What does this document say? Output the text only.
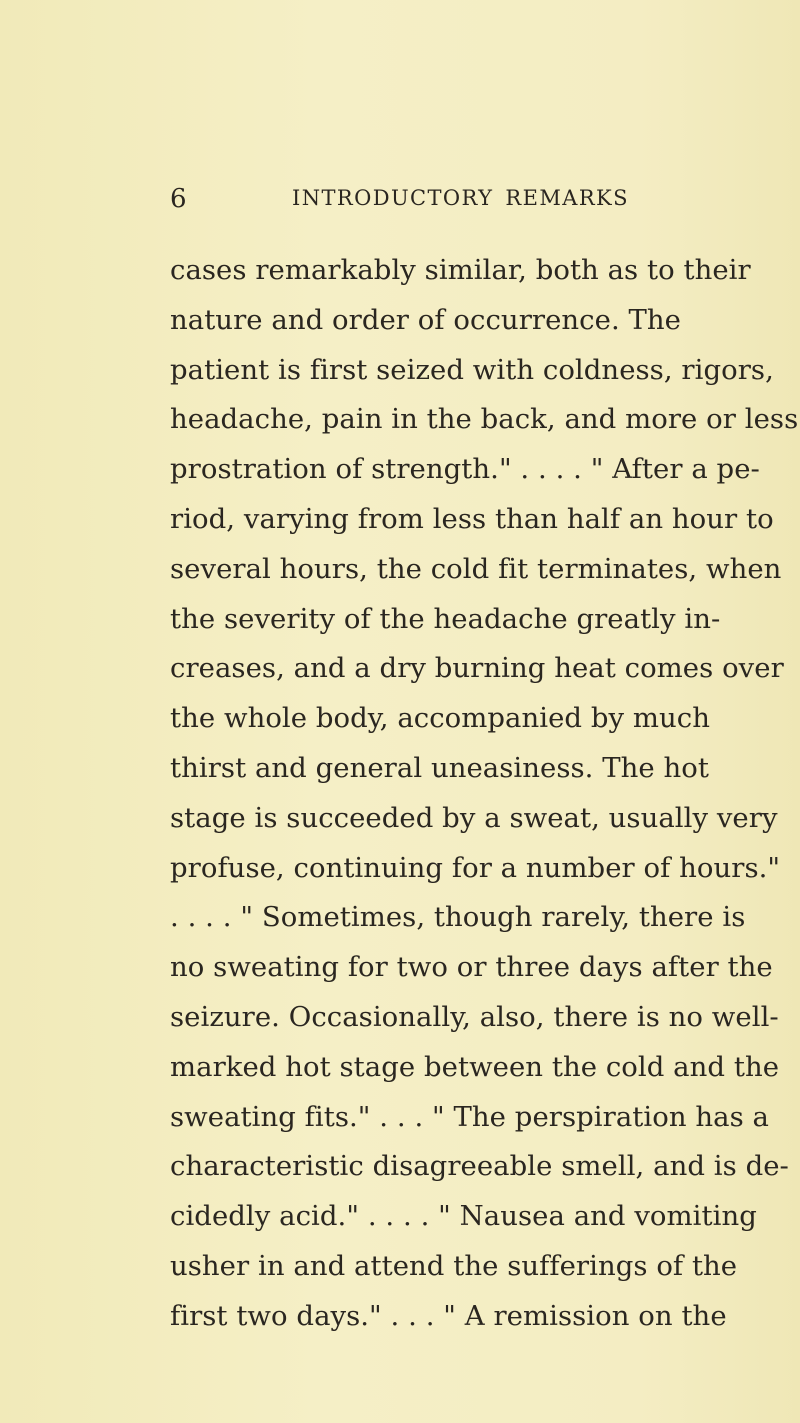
6	INTRODUCTORY REMARKS
cases remarkably similar, both as to their
nature and order of occurrence. The
patient is first seized with coldness, rigors,
headache, pain in the back, and more or less
prostration of strength." . . . . " After a pe-
riod, varying from less than half an hour to
several hours, the cold fit terminates, when
the severity of the headache greatly in-
creases, and a dry burning heat comes over
the whole body, accompanied by much
thirst and general uneasiness. The hot
stage is succeeded by a sweat, usually very
profuse, continuing for a number of hours."
. . . . " Sometimes, though rarely, there is
no sweating for two or three days after the
seizure. Occasionally, also, there is no well-
marked hot stage between the cold and the
sweating fits." . . . " The perspiration has a
characteristic disagreeable smell, and is de-
cidedly acid." . . . . " Nausea and vomiting
usher in and attend the sufferings of the
first two days." . . . " A remission on the
